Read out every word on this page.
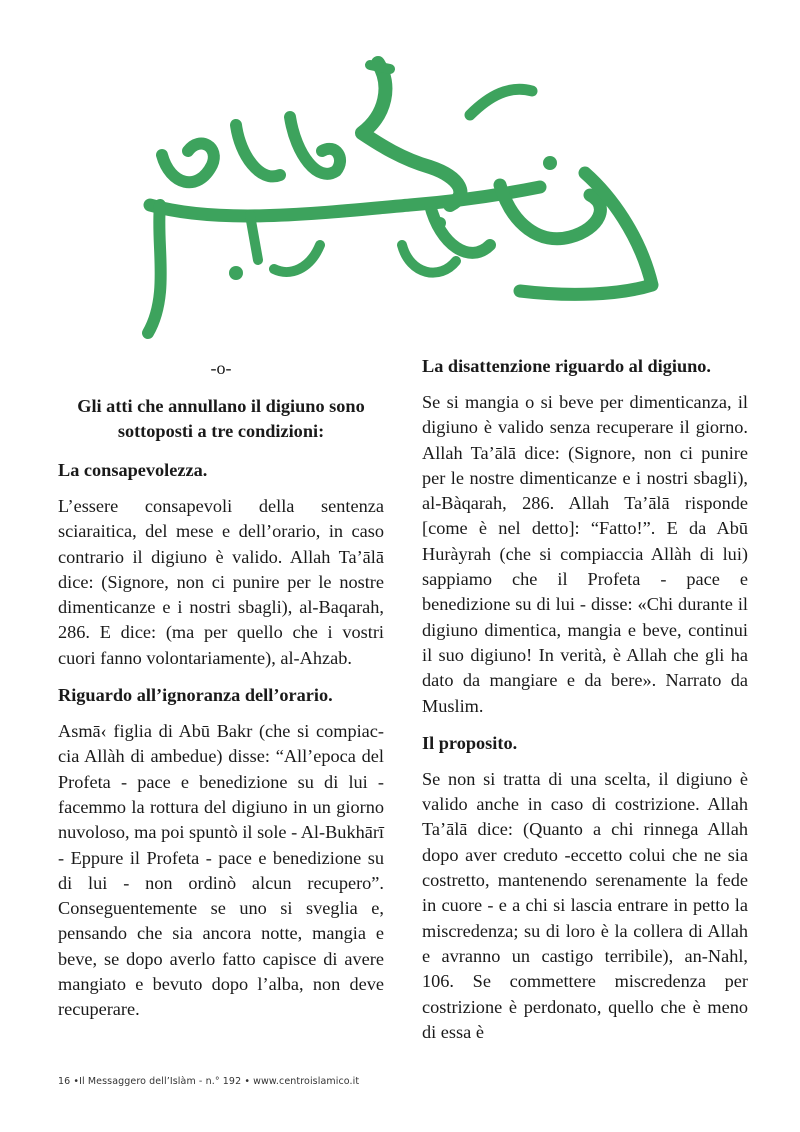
-o-
Gli atti che annullano il digiuno sono sottoposti a tre condizioni:
La consapevolezza.

L’essere consapevoli della sentenza sciaraitica, del mese e dell’orario, in caso contrario il digiuno è valido. Allah Ta’ālā dice: (Signore, non ci punire per le nostre dimenticanze e i nostri sbagli), al-Baqarah, 286. E dice: (ma per quello che i vostri cuori fanno volontariamente), al-Ahzab.

Riguardo all’ignoranza dell’orario.

Asmā‹ figlia di Abū Bakr (che si compiaccia Allàh di ambedue) disse: “All’epoca del Profeta - pace e benedizione su di lui - facemmo la rottura del digiuno in un giorno nuvoloso, ma poi spuntò il sole - Al-Bukhārī - Eppure il Profeta - pace e benedizione su di lui - non ordinò alcun recupero”. Conseguentemente se uno si sveglia e, pensando che sia ancora notte, mangia e beve, se dopo averlo fatto capisce di avere mangiato e bevuto dopo l’alba, non deve recuperare.

La disattenzione riguardo al digiuno.

Se si mangia o si beve per dimenticanza, il digiuno è valido senza recuperare il giorno. Allah Ta’ālā dice: (Signore, non ci punire per le nostre dimenticanze e i nostri sbagli), al-Bàqarah, 286. Allah Ta’ālā risponde [come è nel detto]: “Fatto!”. E da Abū Huràyrah (che si compiaccia Allàh di lui) sappiamo che il Profeta - pace e benedizione su di lui - disse: «Chi durante il digiuno dimentica, mangia e beve, continui il suo digiuno! In verità, è Allah che gli ha dato da mangiare e da bere». Narrato da Muslim.

Il proposito.

Se non si tratta di una scelta, il digiuno è valido anche in caso di costrizione. Allah Ta’ālā dice: (Quanto a chi rinnega Allah dopo aver creduto -eccetto colui che ne sia costretto, mantenendo serenamente la fede in cuore - e a chi si lascia entrare in petto la miscredenza; su di loro è la collera di Allah e avranno un castigo terribile), an-Nahl, 106. Se commettere miscredenza per costrizione è perdonato, quello che è meno di essa è

16 •Il Messaggero dell’Islàm - n.° 192 • www.centroislamico.it
